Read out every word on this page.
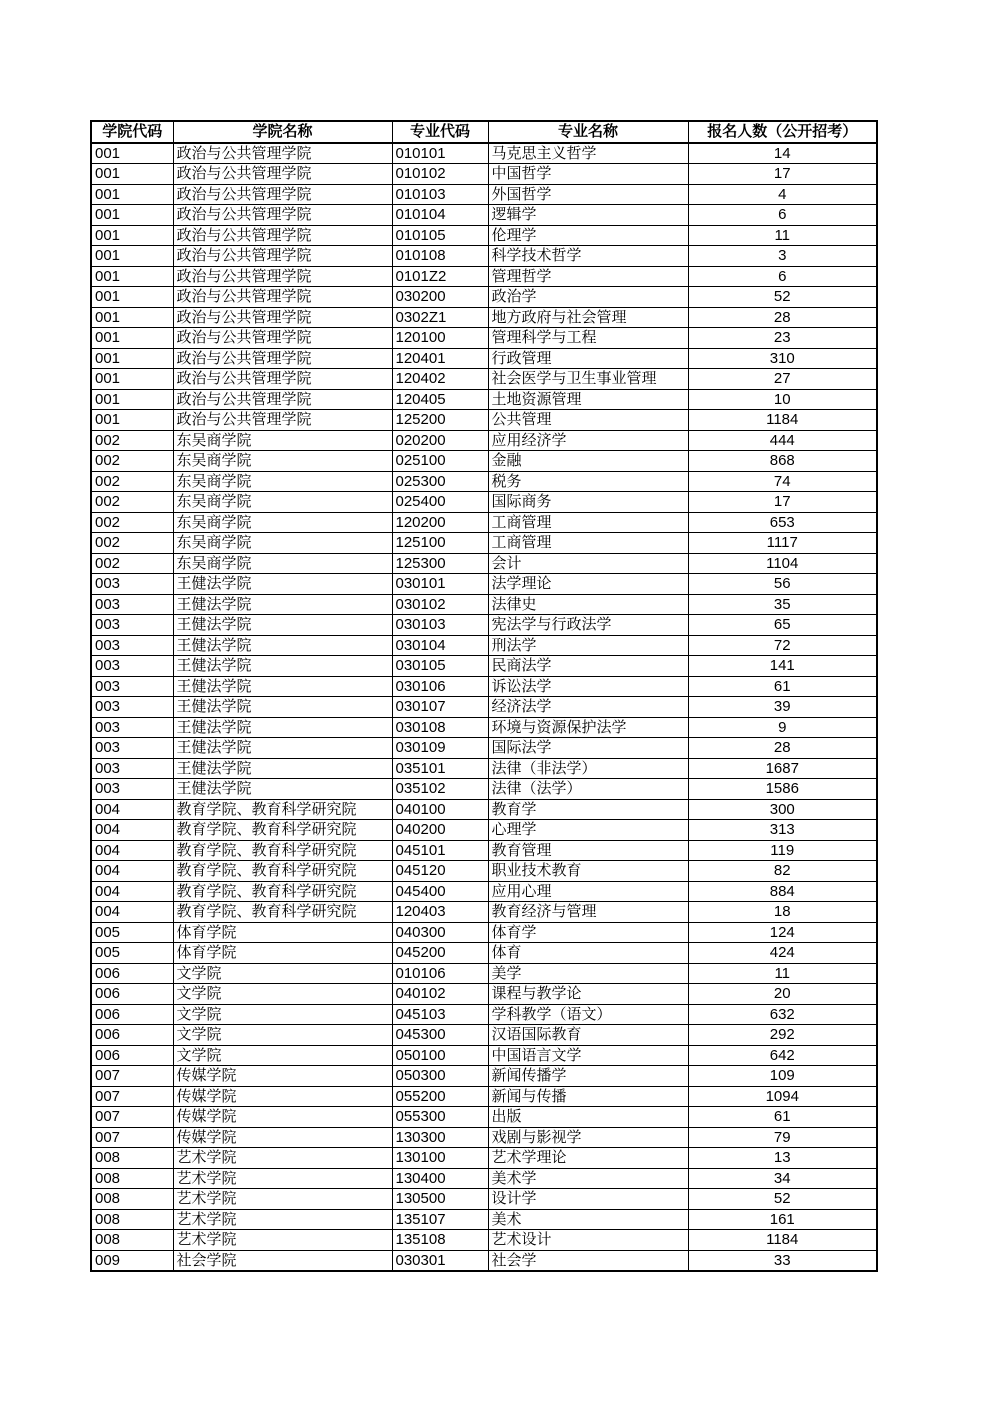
学院代码	学院名称	专业代码	专业名称	报名人数（公开招考）
001	政治与公共管理学院	010101	马克思主义哲学	14
001	政治与公共管理学院	010102	中国哲学	17
001	政治与公共管理学院	010103	外国哲学	4
001	政治与公共管理学院	010104	逻辑学	6
001	政治与公共管理学院	010105	伦理学	11
001	政治与公共管理学院	010108	科学技术哲学	3
001	政治与公共管理学院	0101Z2	管理哲学	6
001	政治与公共管理学院	030200	政治学	52
001	政治与公共管理学院	0302Z1	地方政府与社会管理	28
001	政治与公共管理学院	120100	管理科学与工程	23
001	政治与公共管理学院	120401	行政管理	310
001	政治与公共管理学院	120402	社会医学与卫生事业管理	27
001	政治与公共管理学院	120405	土地资源管理	10
001	政治与公共管理学院	125200	公共管理	1184
002	东吴商学院	020200	应用经济学	444
002	东吴商学院	025100	金融	868
002	东吴商学院	025300	税务	74
002	东吴商学院	025400	国际商务	17
002	东吴商学院	120200	工商管理	653
002	东吴商学院	125100	工商管理	1117
002	东吴商学院	125300	会计	1104
003	王健法学院	030101	法学理论	56
003	王健法学院	030102	法律史	35
003	王健法学院	030103	宪法学与行政法学	65
003	王健法学院	030104	刑法学	72
003	王健法学院	030105	民商法学	141
003	王健法学院	030106	诉讼法学	61
003	王健法学院	030107	经济法学	39
003	王健法学院	030108	环境与资源保护法学	9
003	王健法学院	030109	国际法学	28
003	王健法学院	035101	法律（非法学）	1687
003	王健法学院	035102	法律（法学）	1586
004	教育学院、教育科学研究院	040100	教育学	300
004	教育学院、教育科学研究院	040200	心理学	313
004	教育学院、教育科学研究院	045101	教育管理	119
004	教育学院、教育科学研究院	045120	职业技术教育	82
004	教育学院、教育科学研究院	045400	应用心理	884
004	教育学院、教育科学研究院	120403	教育经济与管理	18
005	体育学院	040300	体育学	124
005	体育学院	045200	体育	424
006	文学院	010106	美学	11
006	文学院	040102	课程与教学论	20
006	文学院	045103	学科教学（语文）	632
006	文学院	045300	汉语国际教育	292
006	文学院	050100	中国语言文学	642
007	传媒学院	050300	新闻传播学	109
007	传媒学院	055200	新闻与传播	1094
007	传媒学院	055300	出版	61
007	传媒学院	130300	戏剧与影视学	79
008	艺术学院	130100	艺术学理论	13
008	艺术学院	130400	美术学	34
008	艺术学院	130500	设计学	52
008	艺术学院	135107	美术	161
008	艺术学院	135108	艺术设计	1184
009	社会学院	030301	社会学	33
